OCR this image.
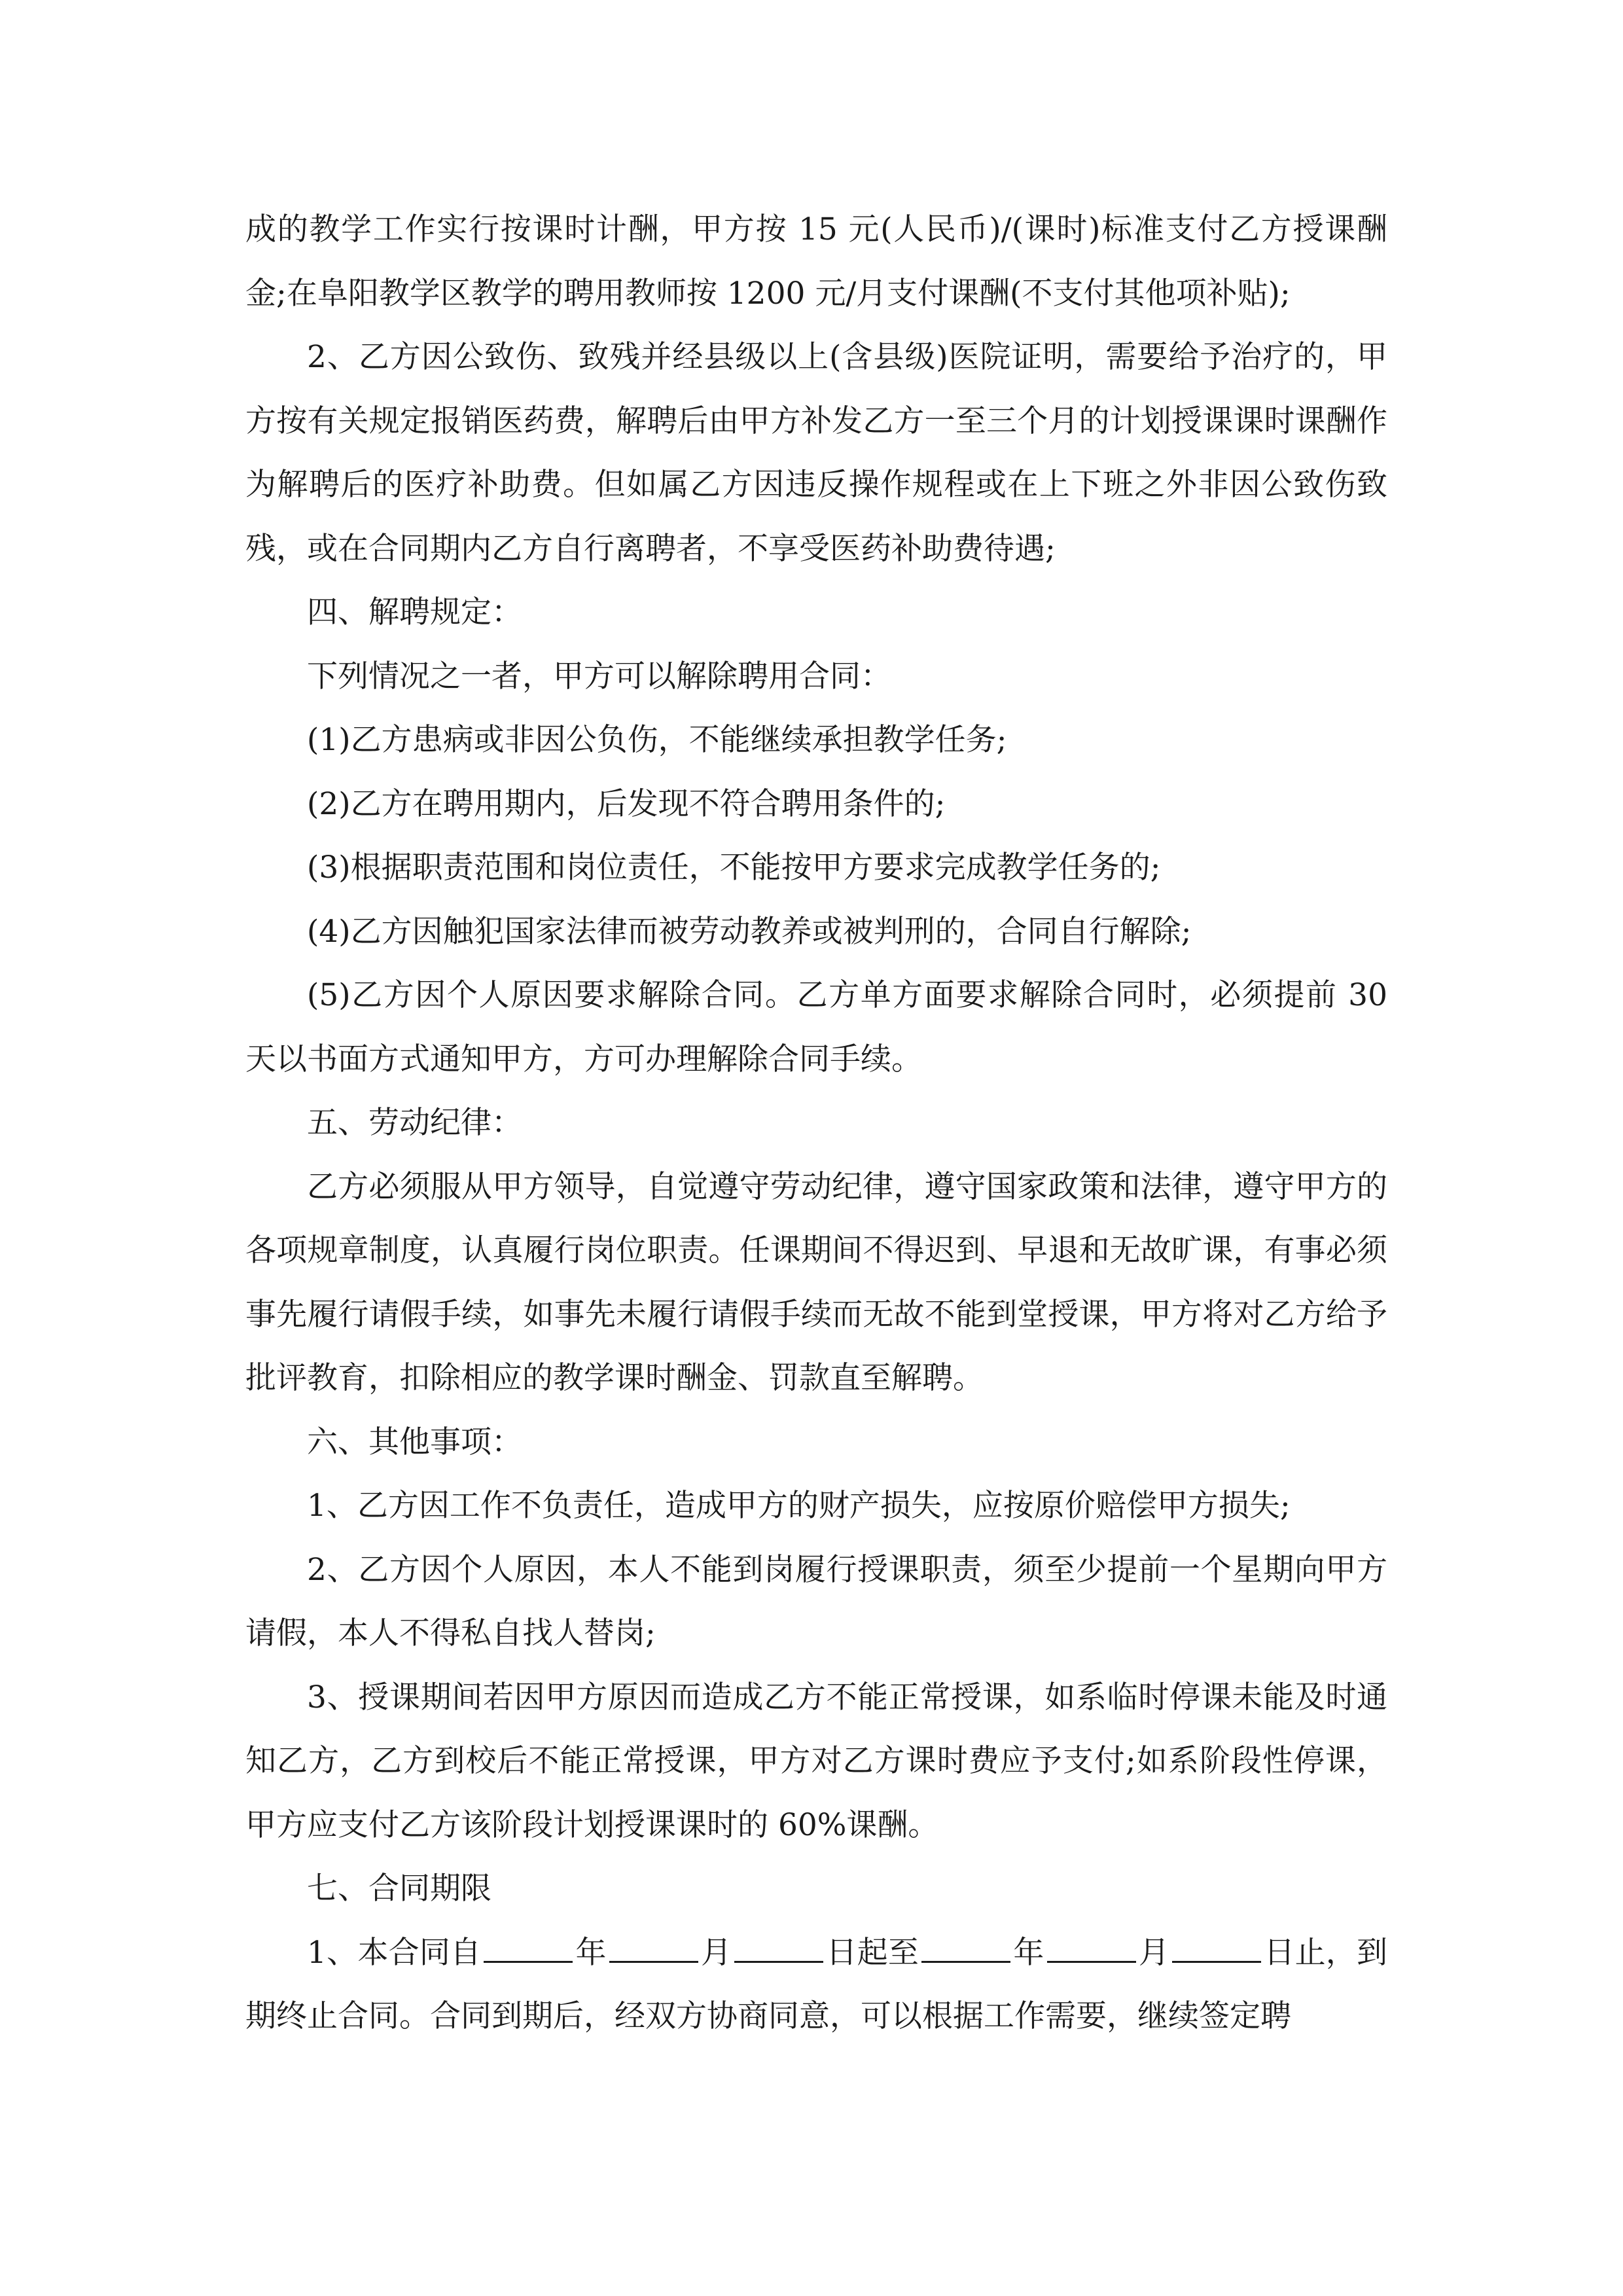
成的教学工作实行按课时计酬，甲方按 15 元(人民币)/(课时)标准支付乙方授课酬金;在阜阳教学区教学的聘用教师按 1200 元/月支付课酬(不支付其他项补贴);

2、乙方因公致伤、致残并经县级以上(含县级)医院证明，需要给予治疗的，甲方按有关规定报销医药费，解聘后由甲方补发乙方一至三个月的计划授课课时课酬作为解聘后的医疗补助费。但如属乙方因违反操作规程或在上下班之外非因公致伤致残，或在合同期内乙方自行离聘者，不享受医药补助费待遇;

四、解聘规定：

下列情况之一者，甲方可以解除聘用合同：

(1)乙方患病或非因公负伤，不能继续承担教学任务;

(2)乙方在聘用期内，后发现不符合聘用条件的;

(3)根据职责范围和岗位责任，不能按甲方要求完成教学任务的;

(4)乙方因触犯国家法律而被劳动教养或被判刑的，合同自行解除;

(5)乙方因个人原因要求解除合同。乙方单方面要求解除合同时，必须提前 30 天以书面方式通知甲方，方可办理解除合同手续。

五、劳动纪律：

乙方必须服从甲方领导，自觉遵守劳动纪律，遵守国家政策和法律，遵守甲方的各项规章制度，认真履行岗位职责。任课期间不得迟到、早退和无故旷课，有事必须事先履行请假手续，如事先未履行请假手续而无故不能到堂授课，甲方将对乙方给予批评教育，扣除相应的教学课时酬金、罚款直至解聘。

六、其他事项：

1、乙方因工作不负责任，造成甲方的财产损失，应按原价赔偿甲方损失;

2、乙方因个人原因，本人不能到岗履行授课职责，须至少提前一个星期向甲方请假，本人不得私自找人替岗;

3、授课期间若因甲方原因而造成乙方不能正常授课，如系临时停课未能及时通知乙方，乙方到校后不能正常授课，甲方对乙方课时费应予支付;如系阶段性停课，甲方应支付乙方该阶段计划授课课时的 60%课酬。

七、合同期限

1、本合同自	年	月	日起至	年	月	日止，到期终止合同。合同到期后，经双方协商同意，可以根据工作需要，继续签定聘
